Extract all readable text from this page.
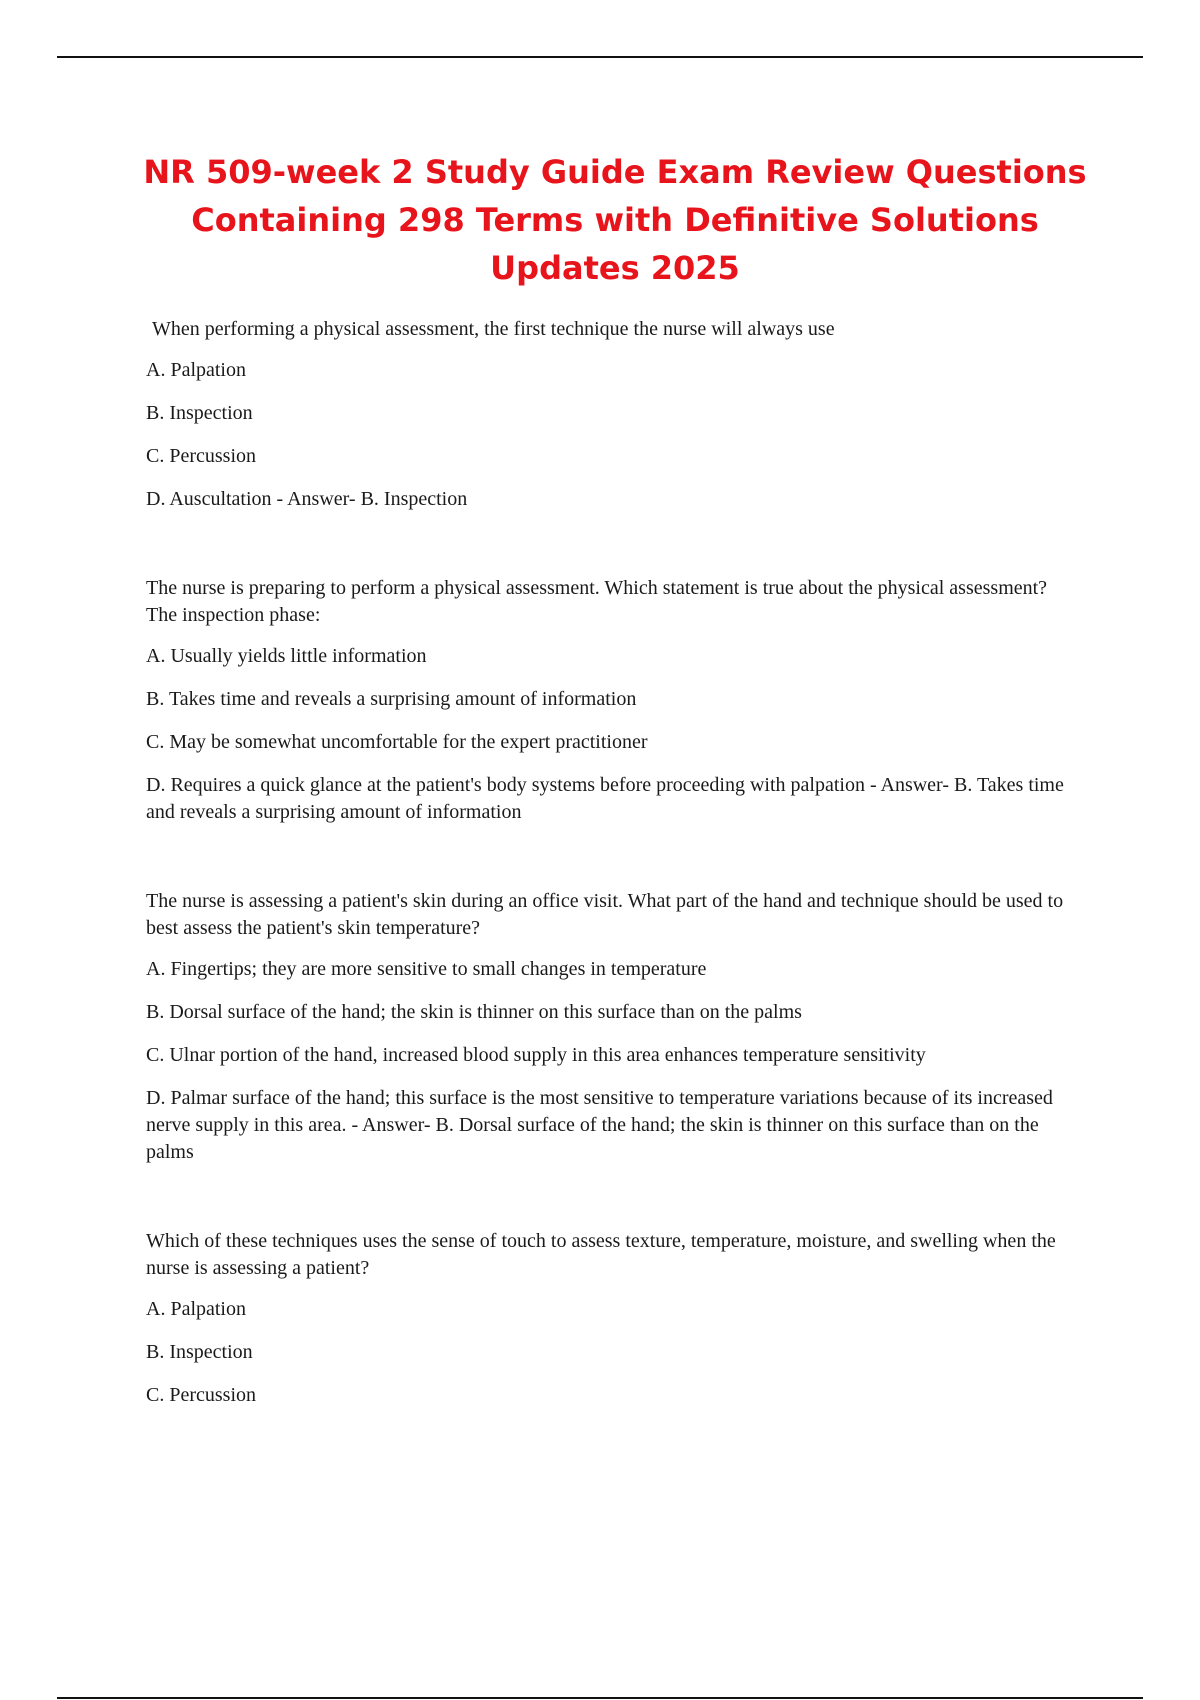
NR 509-week 2 Study Guide Exam Review Questions
Containing 298 Terms with Definitive Solutions
Updates 2025

When performing a physical assessment, the first technique the nurse will always use

A. Palpation

B. Inspection

C. Percussion

D. Auscultation - Answer- B. Inspection

The nurse is preparing to perform a physical assessment. Which statement is true about the physical assessment? The inspection phase:

A. Usually yields little information

B. Takes time and reveals a surprising amount of information

C. May be somewhat uncomfortable for the expert practitioner

D. Requires a quick glance at the patient's body systems before proceeding with palpation - Answer- B. Takes time and reveals a surprising amount of information

The nurse is assessing a patient's skin during an office visit. What part of the hand and technique should be used to best assess the patient's skin temperature?

A. Fingertips; they are more sensitive to small changes in temperature

B. Dorsal surface of the hand; the skin is thinner on this surface than on the palms

C. Ulnar portion of the hand, increased blood supply in this area enhances temperature sensitivity

D. Palmar surface of the hand; this surface is the most sensitive to temperature variations because of its increased nerve supply in this area. - Answer- B. Dorsal surface of the hand; the skin is thinner on this surface than on the palms

Which of these techniques uses the sense of touch to assess texture, temperature, moisture, and swelling when the nurse is assessing a patient?

A. Palpation

B. Inspection

C. Percussion
